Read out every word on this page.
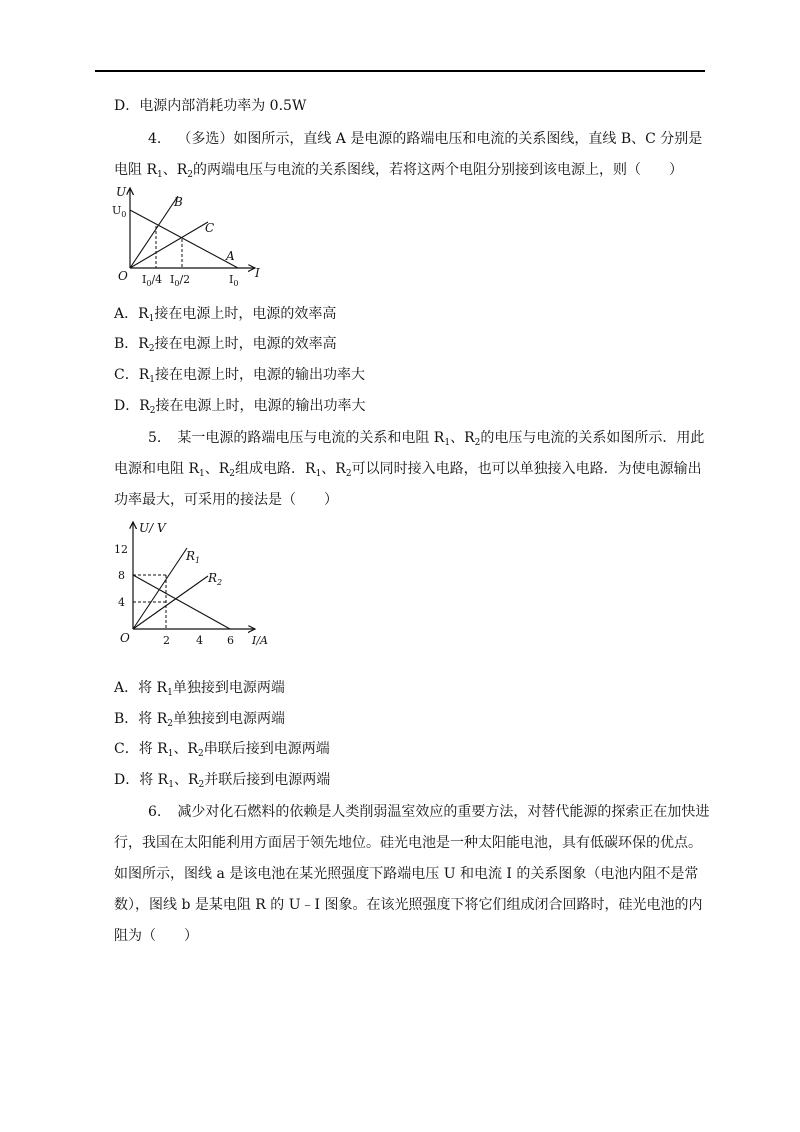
D．电源内部消耗功率为 0.5W
4. （多选）如图所示，直线 A 是电源的路端电压和电流的关系图线，直线 B、C 分别是电阻 $R_1$、$R_2$的两端电压与电流的关系图线，若将这两个电阻分别接到该电源上，则（　　）
U
$U_0$
O
B
C
A
I
$I_0/4$ $I_0/2$	$I_0$
A．$R_1$接在电源上时，电源的效率高
B．$R_2$接在电源上时，电源的效率高
C．$R_1$接在电源上时，电源的输出功率大
D．$R_2$接在电源上时，电源的输出功率大
5. 某一电源的路端电压与电流的关系和电阻 $R_1$、$R_2$的电压与电流的关系如图所示．用此电源和电阻 $R_1$、$R_2$组成电路．$R_1$、$R_2$可以同时接入电路，也可以单独接入电路．为使电源输出功率最大，可采用的接法是（　　）
U/ V
12
8
4
O	2 4 6 I/A
$R_1$
$R_2$
A．将 $R_1$单独接到电源两端
B．将 $R_2$单独接到电源两端
C．将 $R_1$、$R_2$串联后接到电源两端
D．将 $R_1$、$R_2$并联后接到电源两端
6. 减少对化石燃料的依赖是人类削弱温室效应的重要方法，对替代能源的探索正在加快进行，我国在太阳能利用方面居于领先地位。硅光电池是一种太阳能电池，具有低碳环保的优点。如图所示，图线 a 是该电池在某光照强度下路端电压 U 和电流 I 的关系图象（电池内阻不是常数），图线 b 是某电阻 R 的 U﹣I 图象。在该光照强度下将它们组成闭合回路时，硅光电池的内阻为（　　）
